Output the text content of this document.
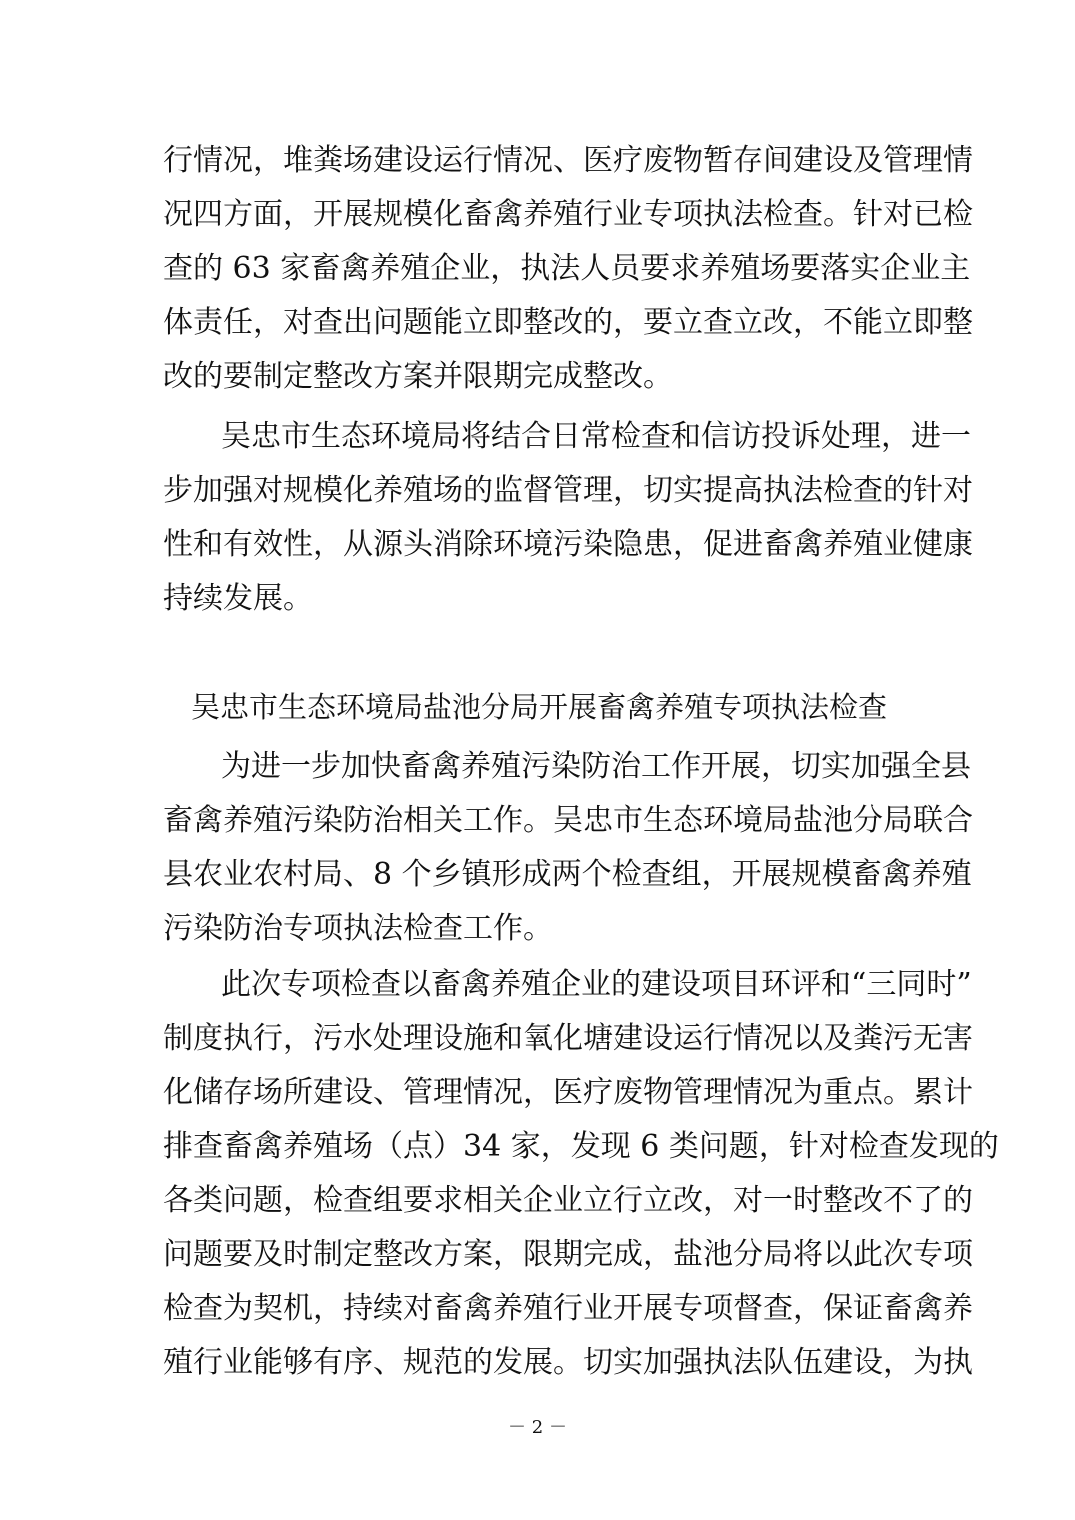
行情况，堆粪场建设运行情况、医疗废物暂存间建设及管理情
况四方面，开展规模化畜禽养殖行业专项执法检查。针对已检
查的 63 家畜禽养殖企业，执法人员要求养殖场要落实企业主
体责任，对查出问题能立即整改的，要立查立改，不能立即整
改的要制定整改方案并限期完成整改。
吴忠市生态环境局将结合日常检查和信访投诉处理，进一
步加强对规模化养殖场的监督管理，切实提高执法检查的针对
性和有效性，从源头消除环境污染隐患，促进畜禽养殖业健康
持续发展。
吴忠市生态环境局盐池分局开展畜禽养殖专项执法检查
为进一步加快畜禽养殖污染防治工作开展，切实加强全县
畜禽养殖污染防治相关工作。吴忠市生态环境局盐池分局联合
县农业农村局、8 个乡镇形成两个检查组，开展规模畜禽养殖
污染防治专项执法检查工作。
此次专项检查以畜禽养殖企业的建设项目环评和“三同时”
制度执行，污水处理设施和氧化塘建设运行情况以及粪污无害
化储存场所建设、管理情况，医疗废物管理情况为重点。累计
排查畜禽养殖场（点）34 家，发现 6 类问题，针对检查发现的
各类问题，检查组要求相关企业立行立改，对一时整改不了的
问题要及时制定整改方案，限期完成，盐池分局将以此次专项
检查为契机，持续对畜禽养殖行业开展专项督查，保证畜禽养
殖行业能够有序、规范的发展。切实加强执法队伍建设，为执
－ 2 －
